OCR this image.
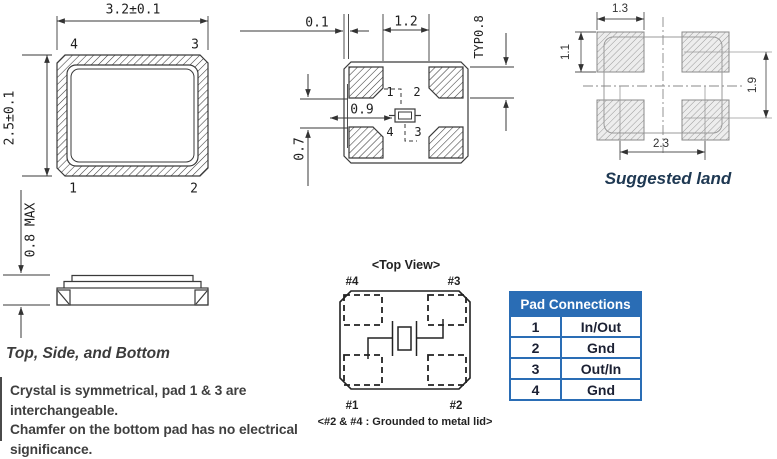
3.2±0.1
2.5±0.1
4	3
1	2
0.8 MAX
0.1	1.2	TYP0.8
0.9
0.7
1 2
4 3
1.3
1.1
1.9
2.3
Suggested land
<Top View>
#4	#3
#1	#2
<#2 & #4 : Grounded to metal lid>
Top, Side, and Bottom
Crystal is symmetrical, pad 1 & 3 are interchangeable.
Chamfer on the bottom pad has no electrical
significance.
Pad Connections	
1	In/Out
2	Gnd
3	Out/In
4	Gnd
